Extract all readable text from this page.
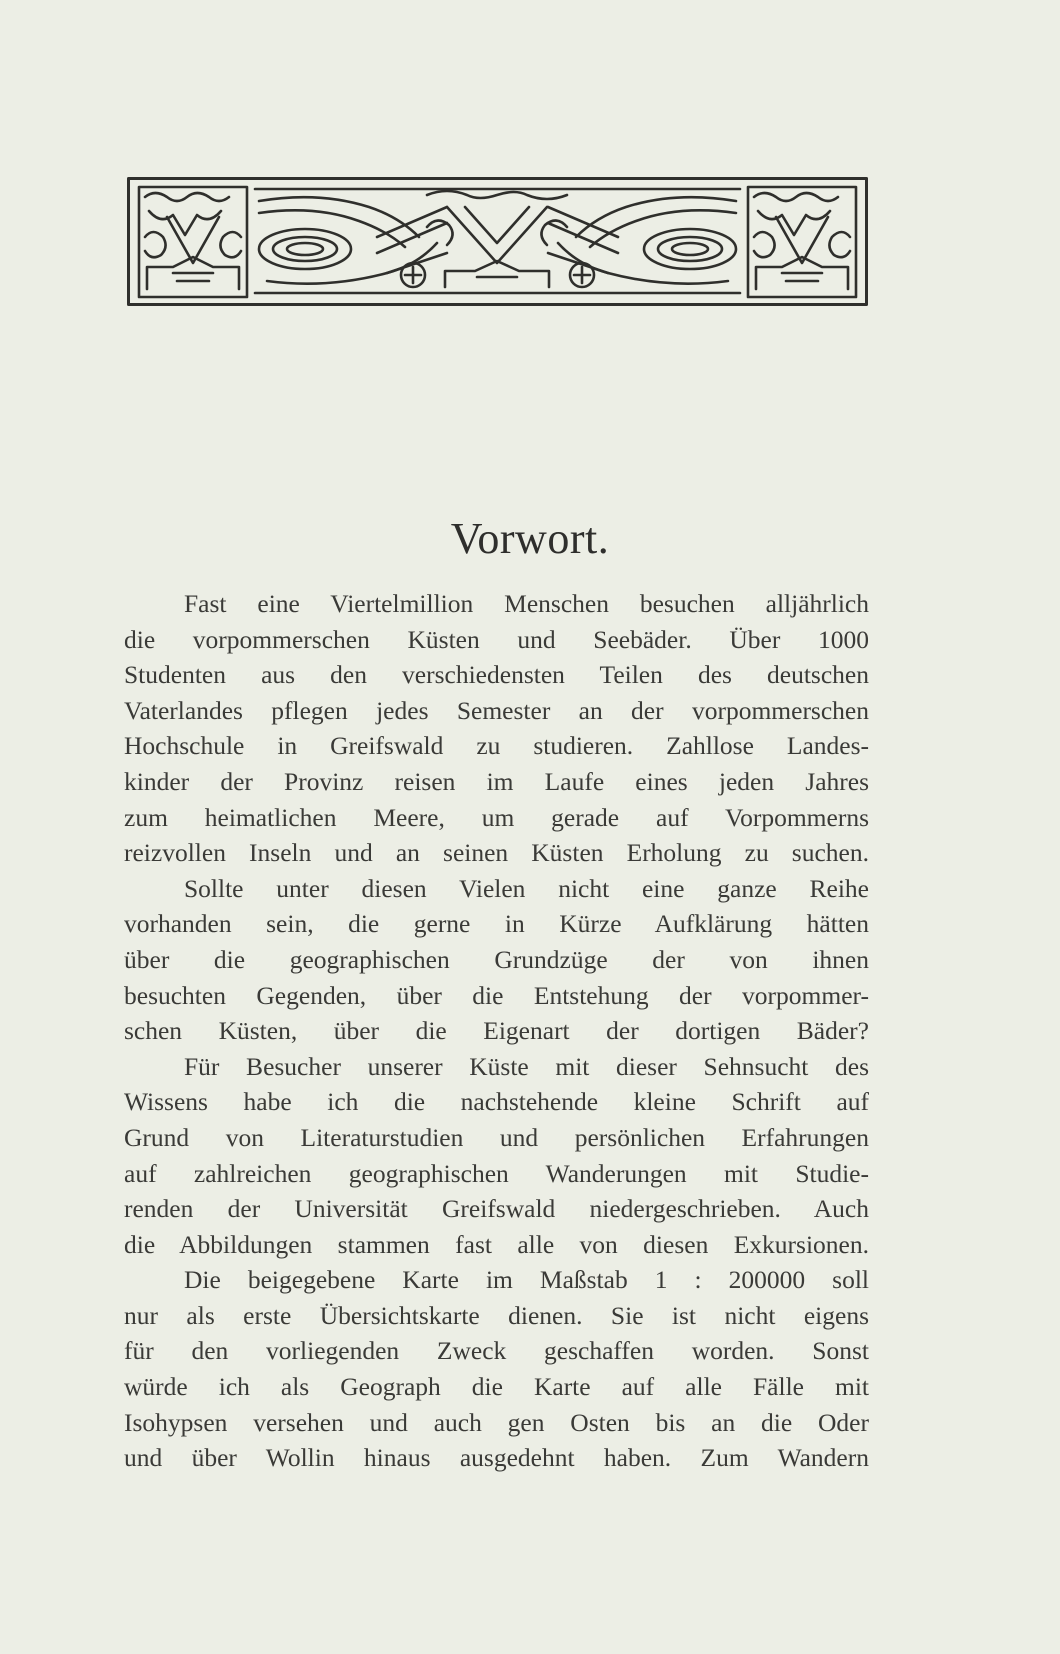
Vorwort.
Fast eine Viertelmillion Menschen besuchen alljährlich
die vorpommerschen Küsten und Seebäder. Über 1000
Studenten aus den verschiedensten Teilen des deutschen
Vaterlandes pflegen jedes Semester an der vorpommerschen
Hochschule in Greifswald zu studieren. Zahllose Landes-
kinder der Provinz reisen im Laufe eines jeden Jahres
zum heimatlichen Meere, um gerade auf Vorpommerns
reizvollen Inseln und an seinen Küsten Erholung zu suchen.
Sollte unter diesen Vielen nicht eine ganze Reihe
vorhanden sein, die gerne in Kürze Aufklärung hätten
über die geographischen Grundzüge der von ihnen
besuchten Gegenden, über die Entstehung der vorpommer-
schen Küsten, über die Eigenart der dortigen Bäder?
Für Besucher unserer Küste mit dieser Sehnsucht des
Wissens habe ich die nachstehende kleine Schrift auf
Grund von Literaturstudien und persönlichen Erfahrungen
auf zahlreichen geographischen Wanderungen mit Studie-
renden der Universität Greifswald niedergeschrieben. Auch
die Abbildungen stammen fast alle von diesen Exkursionen.
Die beigegebene Karte im Maßstab 1 : 200000 soll
nur als erste Übersichtskarte dienen. Sie ist nicht eigens
für den vorliegenden Zweck geschaffen worden. Sonst
würde ich als Geograph die Karte auf alle Fälle mit
Isohypsen versehen und auch gen Osten bis an die Oder
und über Wollin hinaus ausgedehnt haben. Zum Wandern
